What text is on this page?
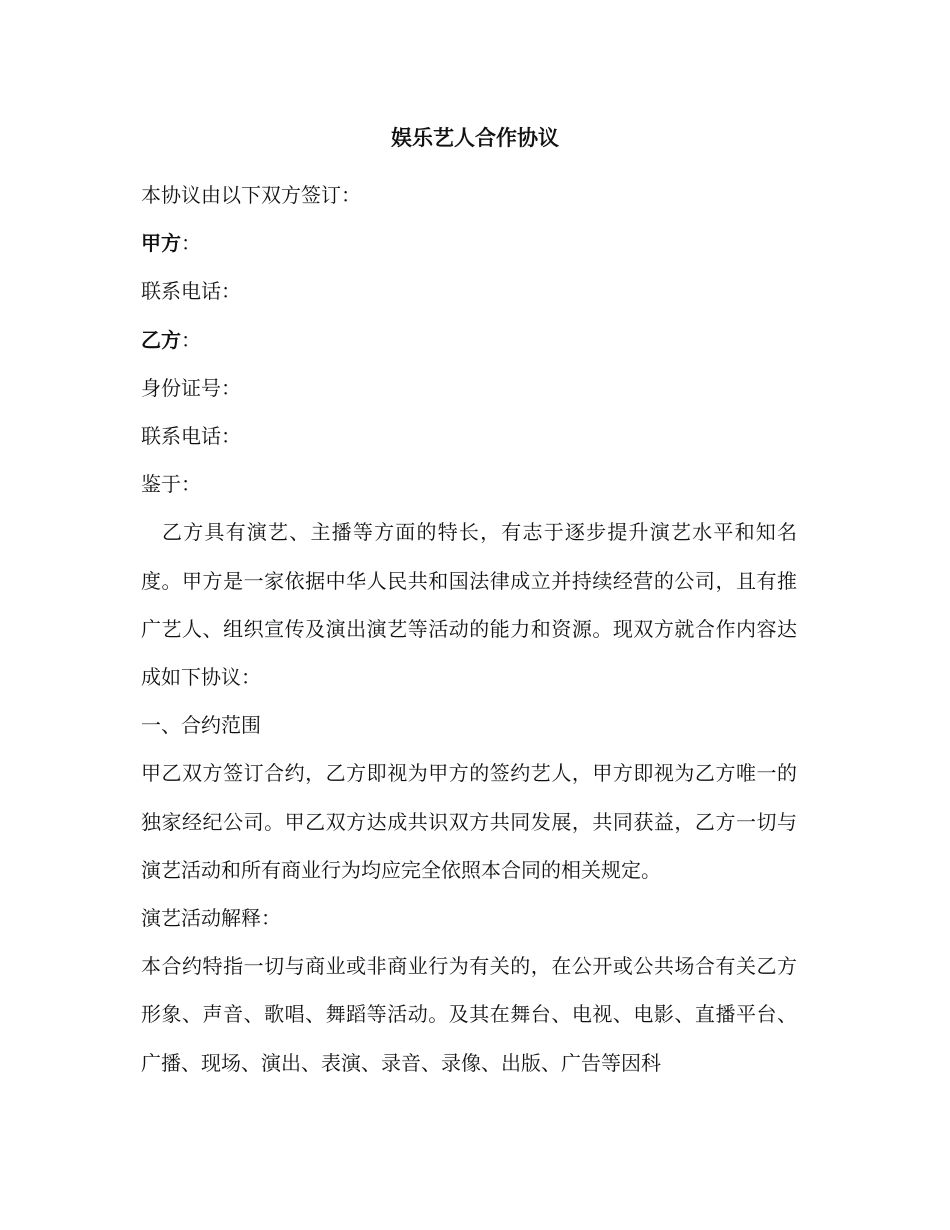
娱乐艺人合作协议

本协议由以下双方签订：

甲方：

联系电话：

乙方：

身份证号：

联系电话：

鉴于：

乙方具有演艺、主播等方面的特长，有志于逐步提升演艺水平和知名度。甲方是一家依据中华人民共和国法律成立并持续经营的公司，且有推广艺人、组织宣传及演出演艺等活动的能力和资源。现双方就合作内容达成如下协议：

一、合约范围

甲乙双方签订合约，乙方即视为甲方的签约艺人，甲方即视为乙方唯一的独家经纪公司。甲乙双方达成共识双方共同发展，共同获益，乙方一切与演艺活动和所有商业行为均应完全依照本合同的相关规定。

演艺活动解释：

本合约特指一切与商业或非商业行为有关的，在公开或公共场合有关乙方形象、声音、歌唱、舞蹈等活动。及其在舞台、电视、电影、直播平台、广播、现场、演出、表演、录音、录像、出版、广告等因科
